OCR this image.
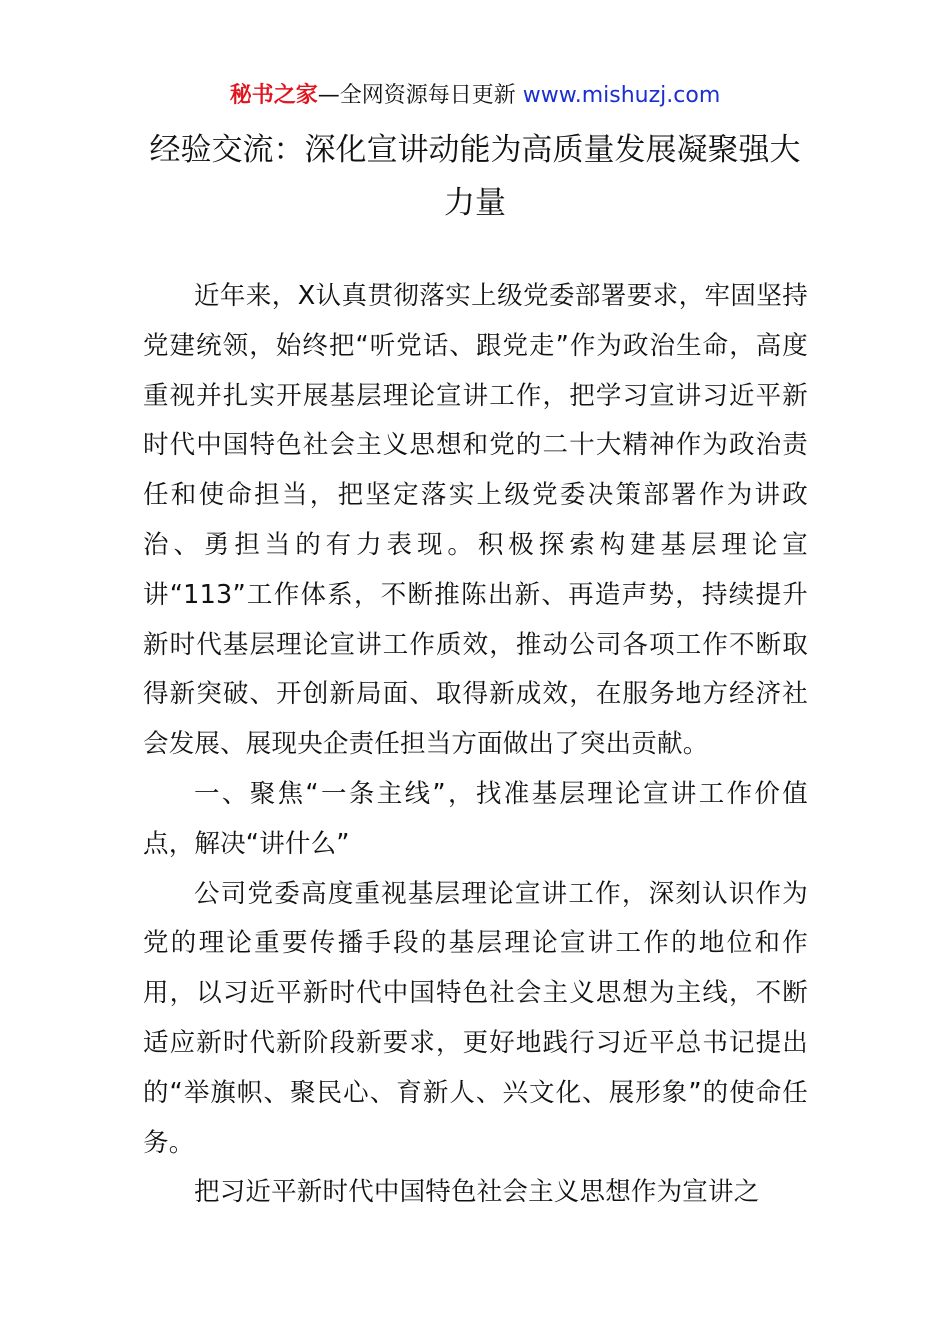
秘书之家—全网资源每日更新 www.mishuzj.com
经验交流：深化宣讲动能为高质量发展凝聚强大力量

近年来，X认真贯彻落实上级党委部署要求，牢固坚持党建统领，始终把“听党话、跟党走”作为政治生命，高度重视并扎实开展基层理论宣讲工作，把学习宣讲习近平新时代中国特色社会主义思想和党的二十大精神作为政治责任和使命担当，把坚定落实上级党委决策部署作为讲政治、勇担当的有力表现。积极探索构建基层理论宣讲“113”工作体系，不断推陈出新、再造声势，持续提升新时代基层理论宣讲工作质效，推动公司各项工作不断取得新突破、开创新局面、取得新成效，在服务地方经济社会发展、展现央企责任担当方面做出了突出贡献。

一、聚焦“一条主线”，找准基层理论宣讲工作价值点，解决“讲什么”

公司党委高度重视基层理论宣讲工作，深刻认识作为党的理论重要传播手段的基层理论宣讲工作的地位和作用，以习近平新时代中国特色社会主义思想为主线，不断适应新时代新阶段新要求，更好地践行习近平总书记提出的“举旗帜、聚民心、育新人、兴文化、展形象”的使命任务。

把习近平新时代中国特色社会主义思想作为宣讲之
